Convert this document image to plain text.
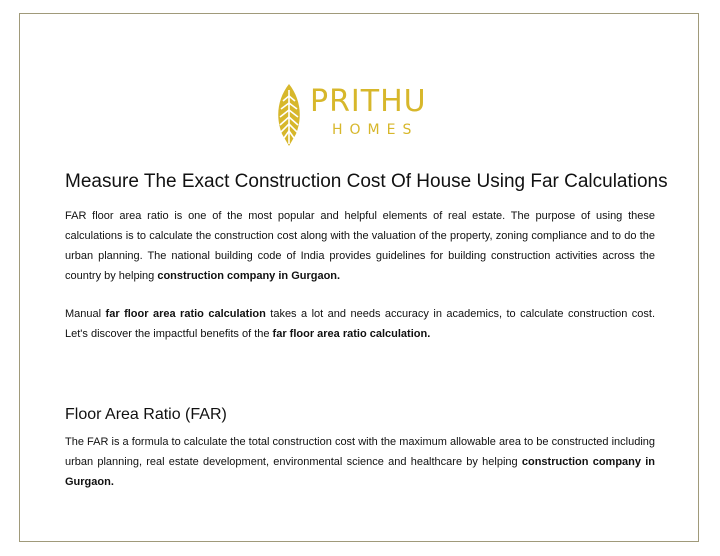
PRITHU
HOMES
Measure The Exact Construction Cost Of House Using Far Calculations
FAR floor area ratio is one of the most popular and helpful elements of real estate. The purpose of using these calculations is to calculate the construction cost along with the valuation of the property, zoning compliance and to do the urban planning. The national building code of India provides guidelines for building construction activities across the country by helping construction company in Gurgaon.
Manual far floor area ratio calculation takes a lot and needs accuracy in academics, to calculate construction cost. Let's discover the impactful benefits of the far floor area ratio calculation.
Floor Area Ratio (FAR)
The FAR is a formula to calculate the total construction cost with the maximum allowable area to be constructed including urban planning, real estate development, environmental science and healthcare by helping construction company in Gurgaon.
